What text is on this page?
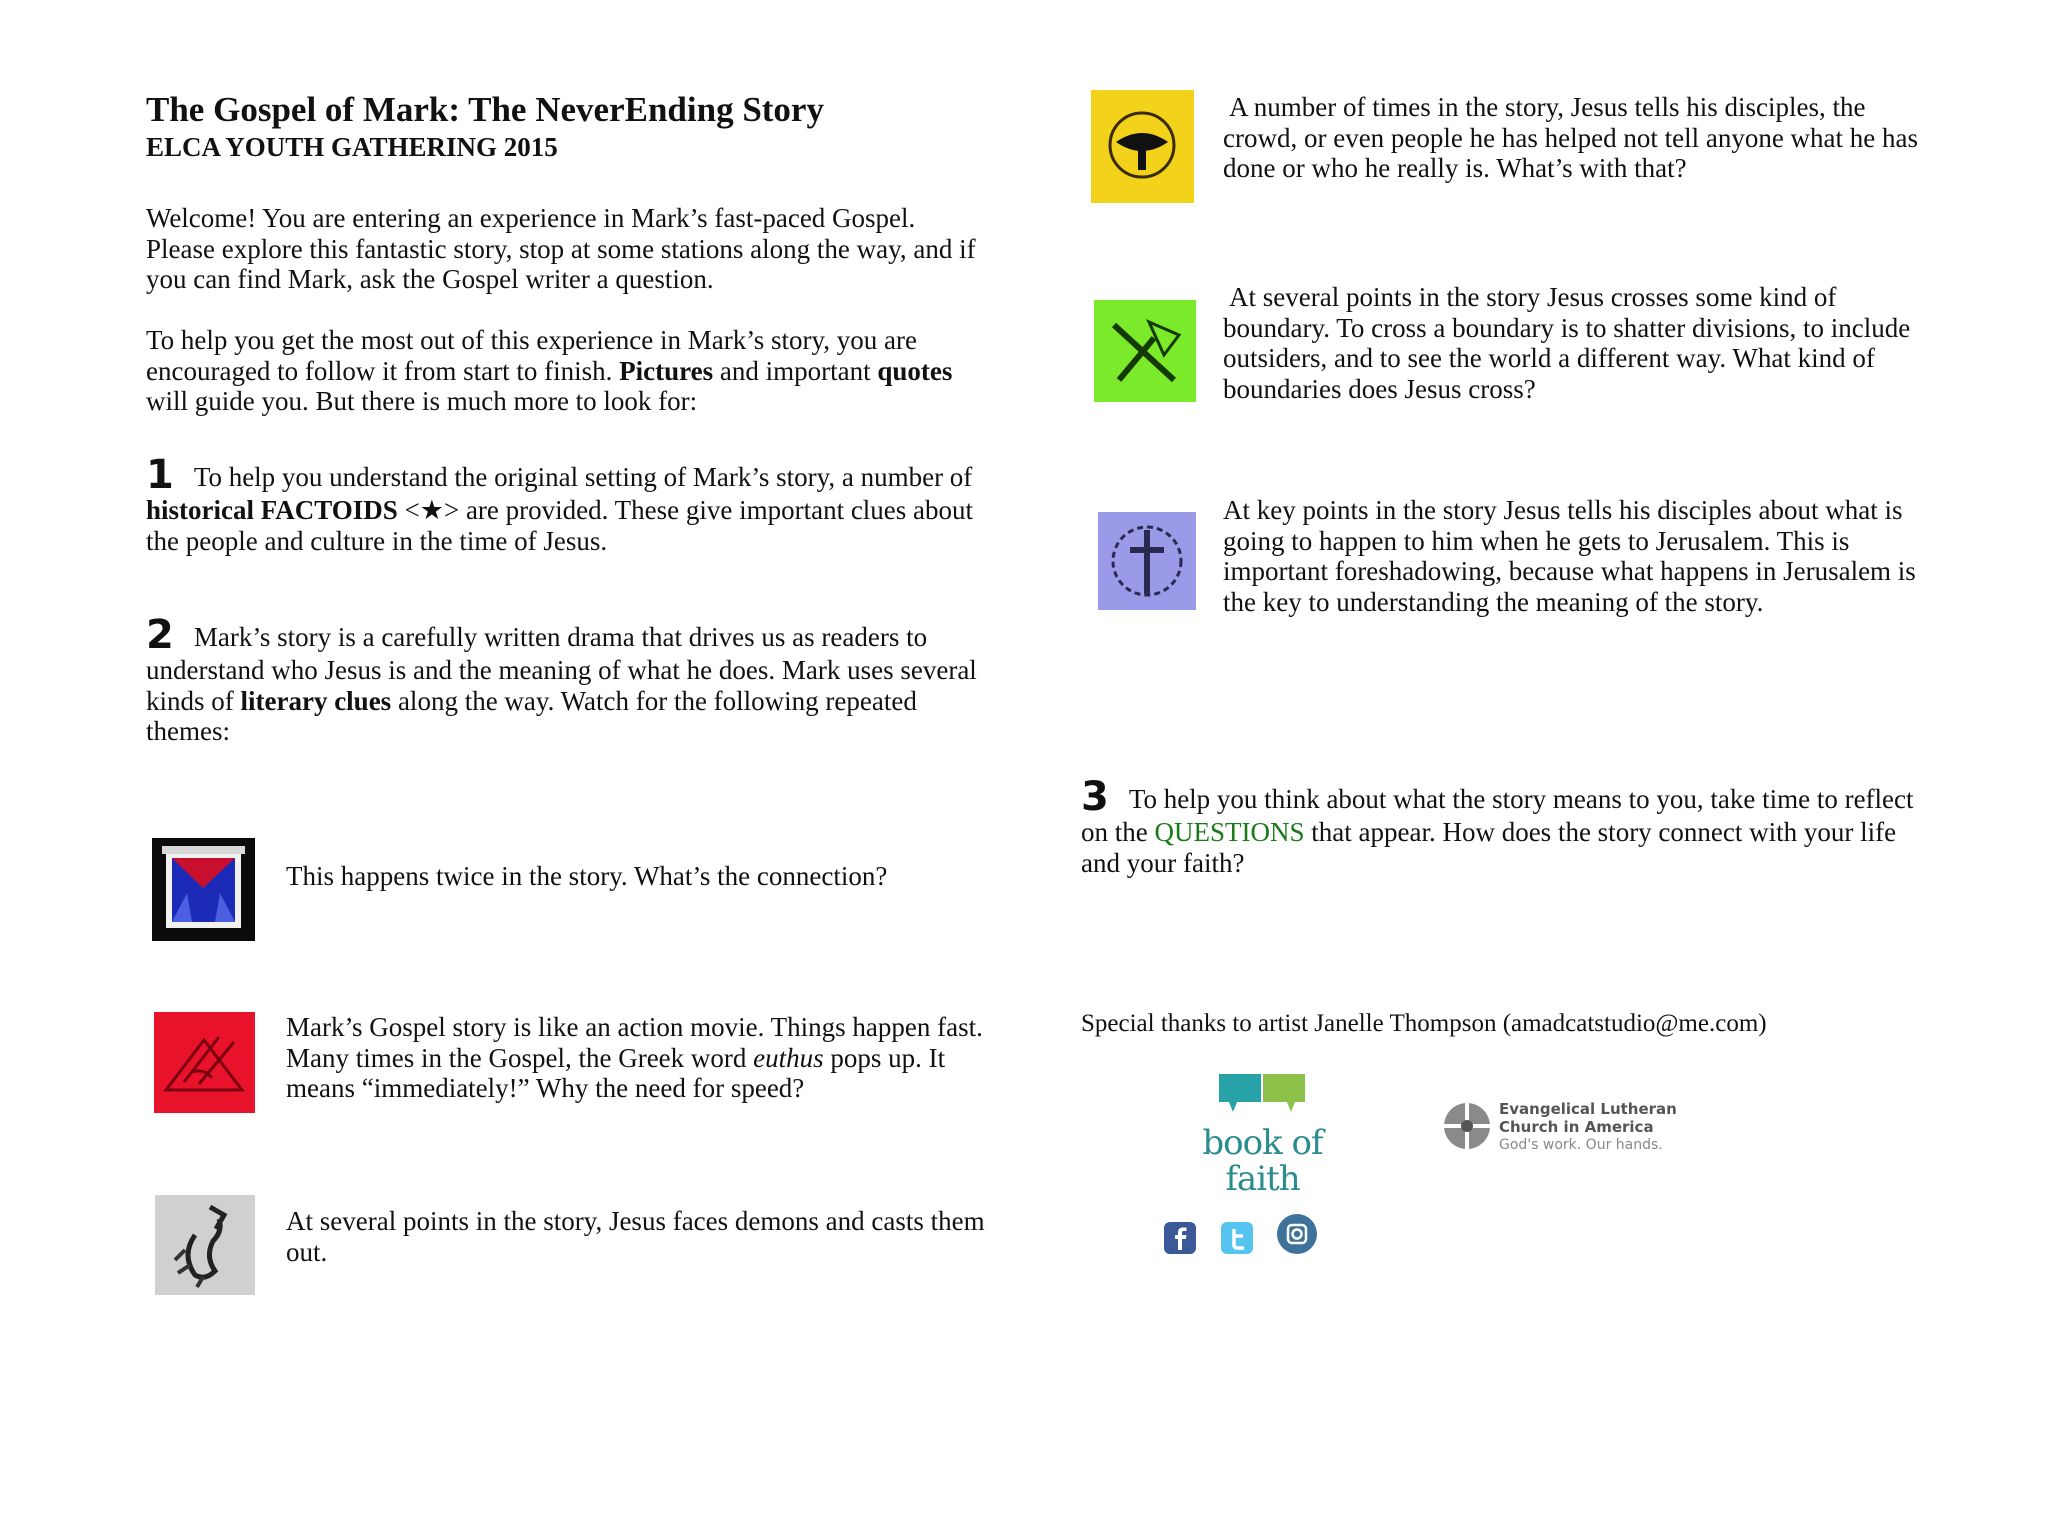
The Gospel of Mark: The NeverEnding Story
ELCA YOUTH GATHERING 2015
Welcome! You are entering an experience in Mark’s fast-paced Gospel. Please explore this fantastic story, stop at some stations along the way, and if you can find Mark, ask the Gospel writer a question.
To help you get the most out of this experience in Mark’s story, you are encouraged to follow it from start to finish. Pictures and important quotes will guide you. But there is much more to look for:
1 To help you understand the original setting of Mark’s story, a number of historical FACTOIDS <★> are provided. These give important clues about the people and culture in the time of Jesus.
2 Mark’s story is a carefully written drama that drives us as readers to understand who Jesus is and the meaning of what he does. Mark uses several kinds of literary clues along the way. Watch for the following repeated themes:
This happens twice in the story. What’s the connection?
Mark’s Gospel story is like an action movie. Things happen fast. Many times in the Gospel, the Greek word euthus pops up. It means “immediately!” Why the need for speed?
At several points in the story, Jesus faces demons and casts them out.
A number of times in the story, Jesus tells his disciples, the crowd, or even people he has helped not tell anyone what he has done or who he really is. What’s with that?
At several points in the story Jesus crosses some kind of boundary. To cross a boundary is to shatter divisions, to include outsiders, and to see the world a different way. What kind of boundaries does Jesus cross?
At key points in the story Jesus tells his disciples about what is going to happen to him when he gets to Jerusalem. This is important foreshadowing, because what happens in Jerusalem is the key to understanding the meaning of the story.
3 To help you think about what the story means to you, take time to reflect on the QUESTIONS that appear. How does the story connect with your life and your faith?
Special thanks to artist Janelle Thompson (amadcatstudio@me.com)
book of faith
Evangelical Lutheran
Church in America
God's work. Our hands.
